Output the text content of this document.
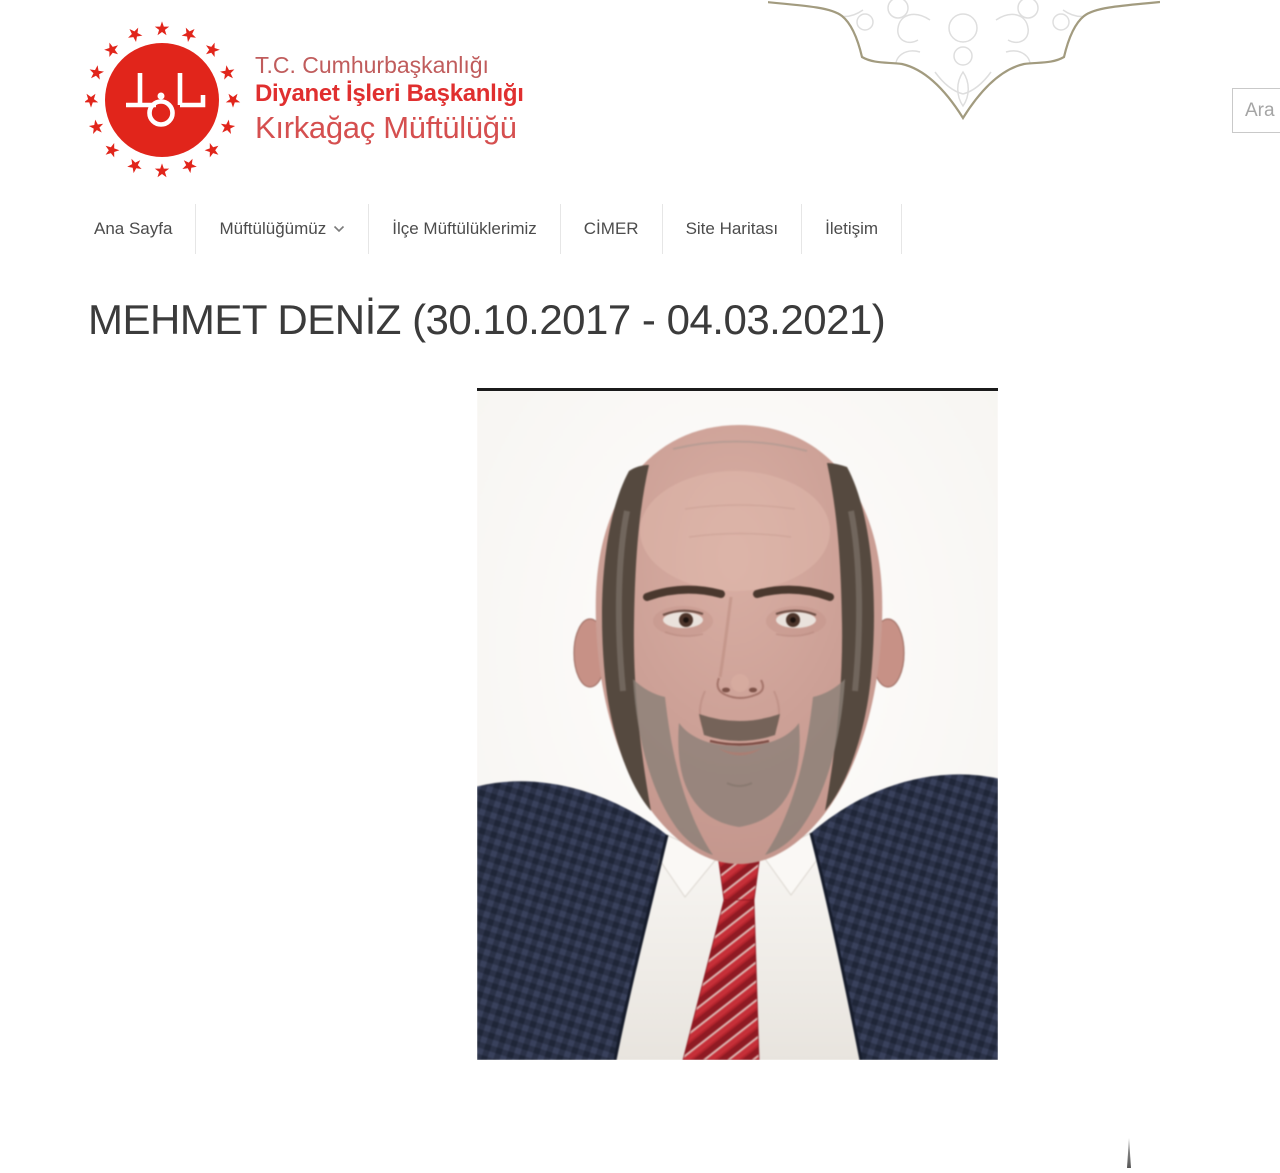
T.C. Cumhurbaşkanlığı
Diyanet İşleri Başkanlığı
Kırkağaç Müftülüğü
Ara
Ana Sayfa	Müftülüğümüz	İlçe Müftülüklerimiz	CİMER	Site Haritası	İletişim
MEHMET DENİZ (30.10.2017 - 04.03.2021)
